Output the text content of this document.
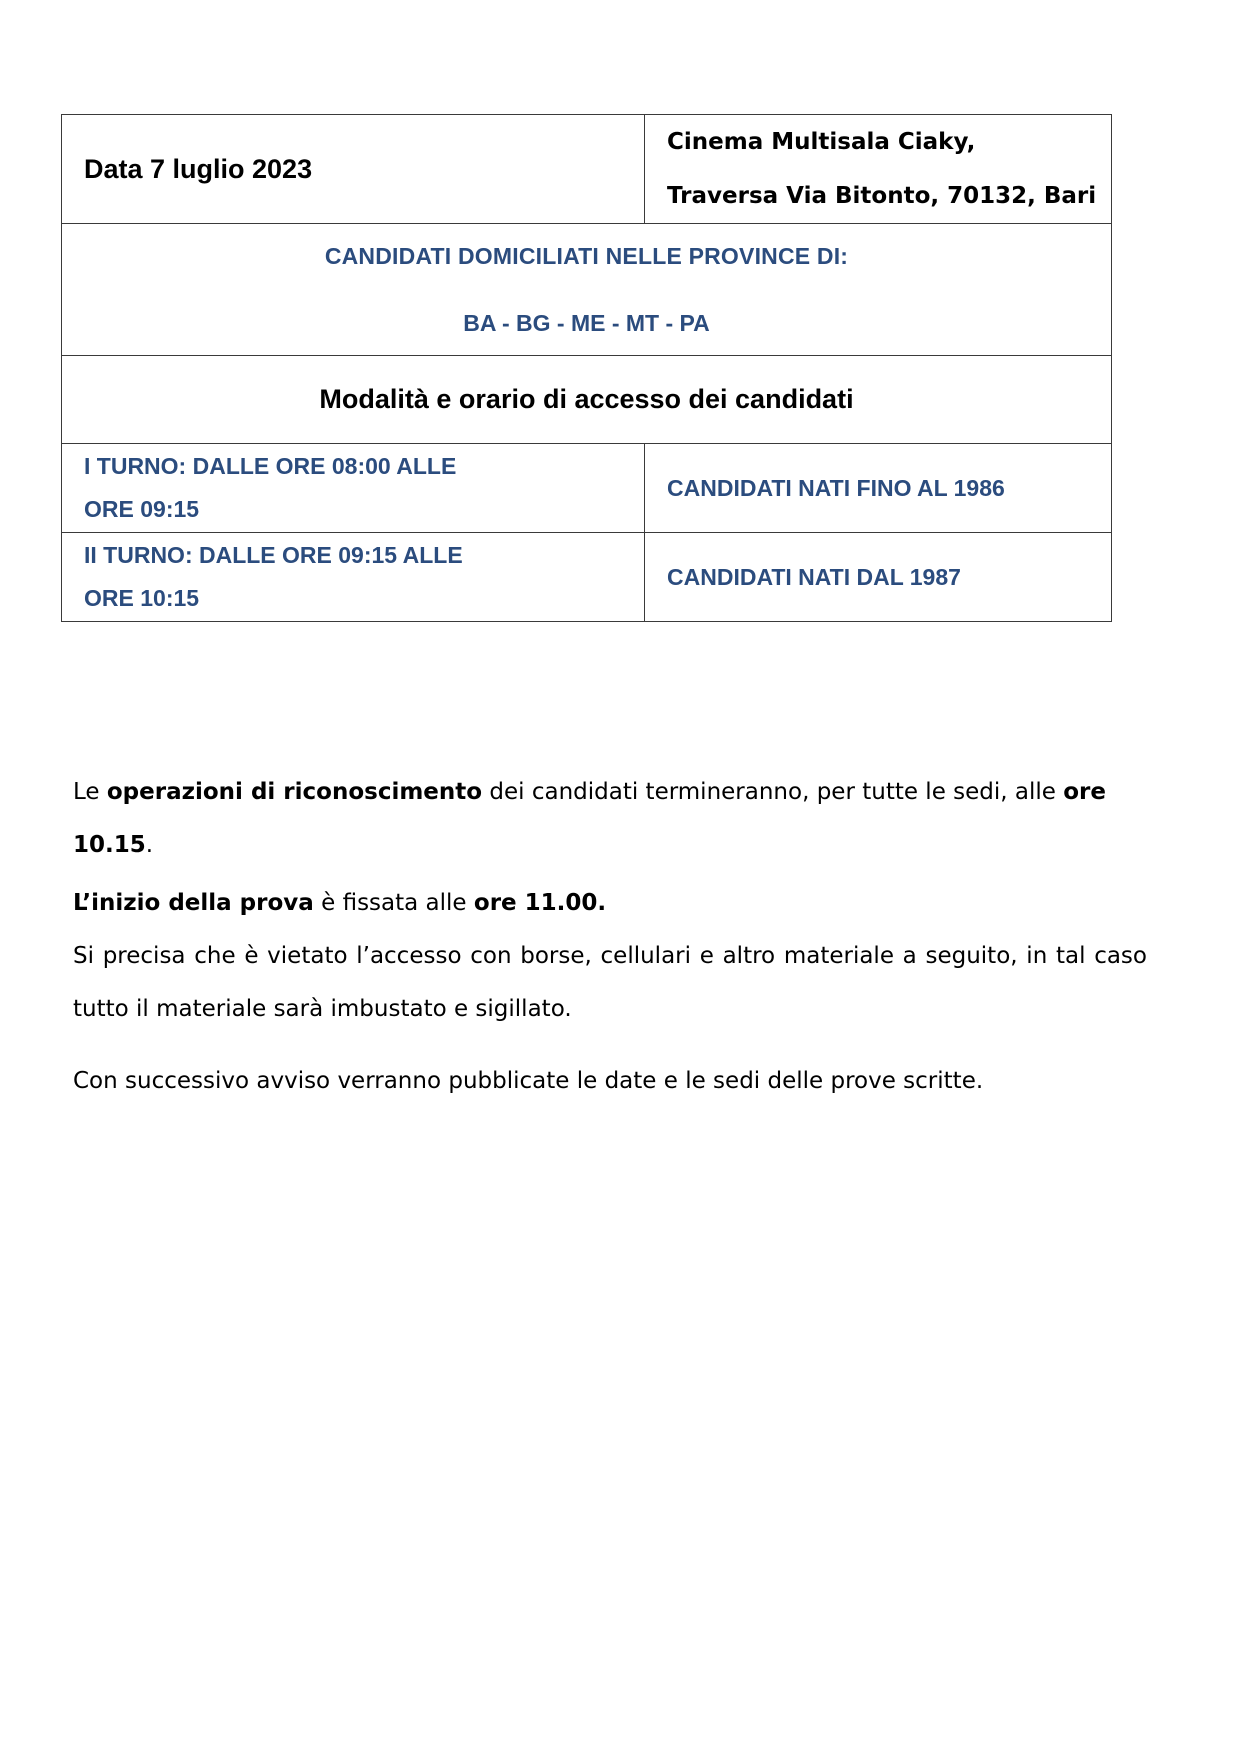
Data 7 luglio 2023	Cinema Multisala Ciaky,
Traversa Via Bitonto, 70132, Bari

CANDIDATI DOMICILIATI NELLE PROVINCE DI:
BA - BG - ME - MT - PA	

Modalità e orario di accesso dei candidati	

I TURNO: DALLE ORE 08:00 ALLE
ORE 09:15	CANDIDATI NATI FINO AL 1986

II TURNO: DALLE ORE 09:15 ALLE
ORE 10:15	CANDIDATI NATI DAL 1987

Le operazioni di riconoscimento dei candidati termineranno, per tutte le sedi, alle ore 10.15.

L’inizio della prova è fissata alle ore 11.00.

Si precisa che è vietato l’accesso con borse, cellulari e altro materiale a seguito, in tal caso tutto il materiale sarà imbustato e sigillato.

Con successivo avviso verranno pubblicate le date e le sedi delle prove scritte.
